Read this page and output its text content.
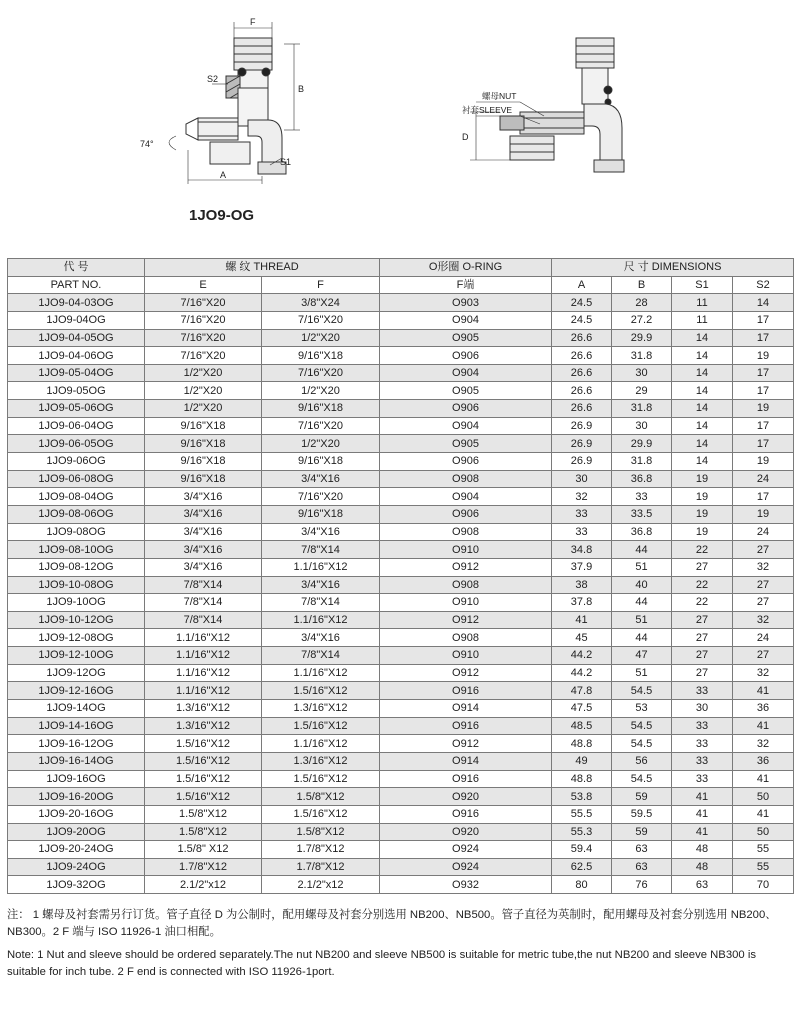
F
S2
B
74°
A
S1
螺母NUT
衬套SLEEVE
D
1JO9-OG
代 号	螺 纹 THREAD		O形圈 O-RING	尺 寸 DIMENSIONS			
PART NO.	E	F	F端	A	B	S1	S2
1JO9-04-03OG	7/16"X20	3/8"X24	O903	24.5	28	11	14
1JO9-04OG	7/16"X20	7/16"X20	O904	24.5	27.2	11	17
1JO9-04-05OG	7/16"X20	1/2"X20	O905	26.6	29.9	14	17
1JO9-04-06OG	7/16"X20	9/16"X18	O906	26.6	31.8	14	19
1JO9-05-04OG	1/2"X20	7/16"X20	O904	26.6	30	14	17
1JO9-05OG	1/2"X20	1/2"X20	O905	26.6	29	14	17
1JO9-05-06OG	1/2"X20	9/16"X18	O906	26.6	31.8	14	19
1JO9-06-04OG	9/16"X18	7/16"X20	O904	26.9	30	14	17
1JO9-06-05OG	9/16"X18	1/2"X20	O905	26.9	29.9	14	17
1JO9-06OG	9/16"X18	9/16"X18	O906	26.9	31.8	14	19
1JO9-06-08OG	9/16"X18	3/4"X16	O908	30	36.8	19	24
1JO9-08-04OG	3/4"X16	7/16"X20	O904	32	33	19	17
1JO9-08-06OG	3/4"X16	9/16"X18	O906	33	33.5	19	19
1JO9-08OG	3/4"X16	3/4"X16	O908	33	36.8	19	24
1JO9-08-10OG	3/4"X16	7/8"X14	O910	34.8	44	22	27
1JO9-08-12OG	3/4"X16	1.1/16"X12	O912	37.9	51	27	32
1JO9-10-08OG	7/8"X14	3/4"X16	O908	38	40	22	27
1JO9-10OG	7/8"X14	7/8"X14	O910	37.8	44	22	27
1JO9-10-12OG	7/8"X14	1.1/16"X12	O912	41	51	27	32
1JO9-12-08OG	1.1/16"X12	3/4"X16	O908	45	44	27	24
1JO9-12-10OG	1.1/16"X12	7/8"X14	O910	44.2	47	27	27
1JO9-12OG	1.1/16"X12	1.1/16"X12	O912	44.2	51	27	32
1JO9-12-16OG	1.1/16"X12	1.5/16"X12	O916	47.8	54.5	33	41
1JO9-14OG	1.3/16"X12	1.3/16"X12	O914	47.5	53	30	36
1JO9-14-16OG	1.3/16"X12	1.5/16"X12	O916	48.5	54.5	33	41
1JO9-16-12OG	1.5/16"X12	1.1/16"X12	O912	48.8	54.5	33	32
1JO9-16-14OG	1.5/16"X12	1.3/16"X12	O914	49	56	33	36
1JO9-16OG	1.5/16"X12	1.5/16"X12	O916	48.8	54.5	33	41
1JO9-16-20OG	1.5/16"X12	1.5/8"X12	O920	53.8	59	41	50
1JO9-20-16OG	1.5/8"X12	1.5/16"X12	O916	55.5	59.5	41	41
1JO9-20OG	1.5/8"X12	1.5/8"X12	O920	55.3	59	41	50
1JO9-20-24OG	1.5/8" X12	1.7/8"X12	O924	59.4	63	48	55
1JO9-24OG	1.7/8"X12	1.7/8"X12	O924	62.5	63	48	55
1JO9-32OG	2.1/2"x12	2.1/2"x12	O932	80	76	63	70
注： 1 螺母及衬套需另行订货。管子直径 D 为公制时，配用螺母及衬套分别选用 NB200、NB500。管子直径为英制时，配用螺母及衬套分别选用 NB200、NB300。2 F 端与 ISO 11926-1 油口相配。
Note: 1 Nut and sleeve should be ordered separately.The nut NB200 and sleeve NB500 is suitable for metric tube,the nut NB200 and sleeve NB300 is suitable for inch tube. 2 F end is connected with ISO 11926-1port.
